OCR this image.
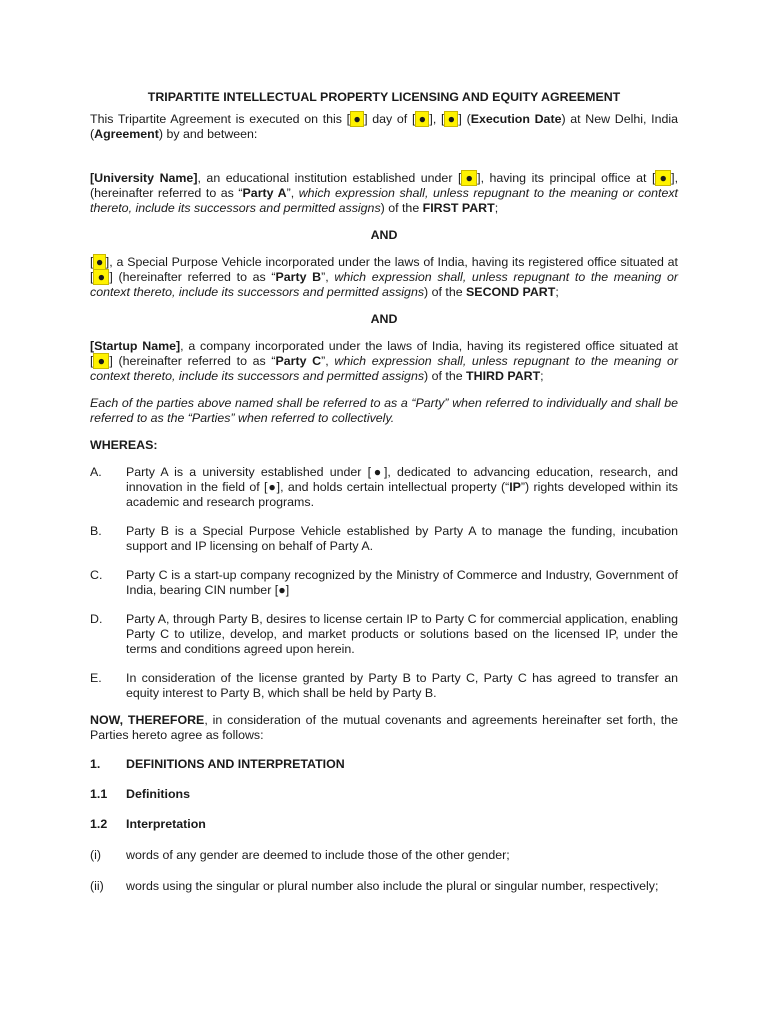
TRIPARTITE INTELLECTUAL PROPERTY LICENSING AND EQUITY AGREEMENT

This Tripartite Agreement is executed on this [ ● ] day of [ ● ], [ ● ] (Execution Date) at New Delhi, India (Agreement) by and between:

[University Name], an educational institution established under [ ● ], having its principal office at [ ● ], (hereinafter referred to as “Party A”, which expression shall, unless repugnant to the meaning or context thereto, include its successors and permitted assigns) of the FIRST PART;

AND

[ ● ], a Special Purpose Vehicle incorporated under the laws of India, having its registered office situated at [ ● ] (hereinafter referred to as “Party B”, which expression shall, unless repugnant to the meaning or context thereto, include its successors and permitted assigns) of the SECOND PART;

AND

[Startup Name], a company incorporated under the laws of India, having its registered office situated at [ ● ] (hereinafter referred to as “Party C”, which expression shall, unless repugnant to the meaning or context thereto, include its successors and permitted assigns) of the THIRD PART;

Each of the parties above named shall be referred to as a “Party” when referred to individually and shall be referred to as the “Parties” when referred to collectively.

WHEREAS:

A. Party A is a university established under [●], dedicated to advancing education, research, and innovation in the field of [●], and holds certain intellectual property (“IP”) rights developed within its academic and research programs.

B. Party B is a Special Purpose Vehicle established by Party A to manage the funding, incubation support and IP licensing on behalf of Party A.

C. Party C is a start-up company recognized by the Ministry of Commerce and Industry, Government of India, bearing CIN number [●]

D. Party A, through Party B, desires to license certain IP to Party C for commercial application, enabling Party C to utilize, develop, and market products or solutions based on the licensed IP, under the terms and conditions agreed upon herein.

E. In consideration of the license granted by Party B to Party C, Party C has agreed to transfer an equity interest to Party B, which shall be held by Party B.

NOW, THEREFORE, in consideration of the mutual covenants and agreements hereinafter set forth, the Parties hereto agree as follows:

1. DEFINITIONS AND INTERPRETATION

1.1 Definitions

1.2 Interpretation

(i) words of any gender are deemed to include those of the other gender;

(ii) words using the singular or plural number also include the plural or singular number, respectively;
